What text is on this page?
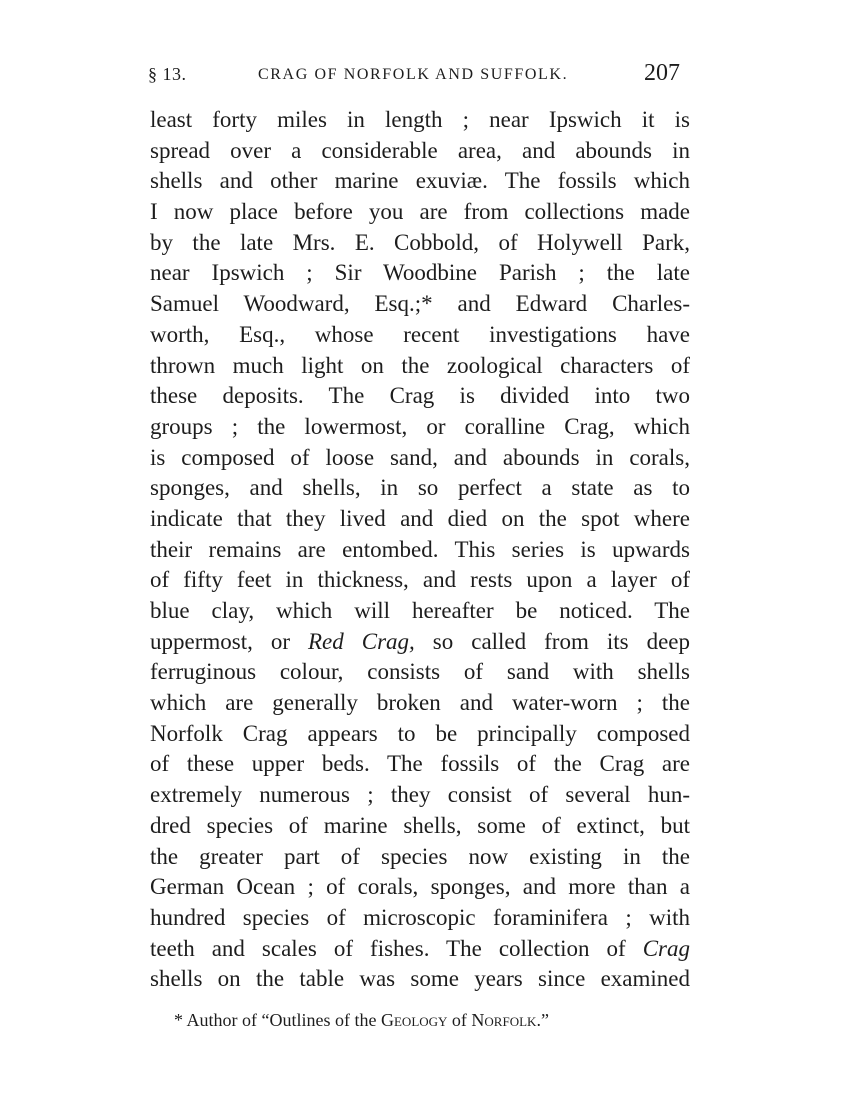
§ 13.	CRAG OF NORFOLK AND SUFFOLK.	207
least forty miles in length ; near Ipswich it is
spread over a considerable area, and abounds in
shells and other marine exuviæ. The fossils which
I now place before you are from collections made
by the late Mrs. E. Cobbold, of Holywell Park,
near Ipswich ; Sir Woodbine Parish ; the late
Samuel Woodward, Esq.;* and Edward Charles-
worth, Esq., whose recent investigations have
thrown much light on the zoological characters of
these deposits. The Crag is divided into two
groups ; the lowermost, or coralline Crag, which
is composed of loose sand, and abounds in corals,
sponges, and shells, in so perfect a state as to
indicate that they lived and died on the spot where
their remains are entombed. This series is upwards
of fifty feet in thickness, and rests upon a layer of
blue clay, which will hereafter be noticed. The
uppermost, or Red Crag, so called from its deep
ferruginous colour, consists of sand with shells
which are generally broken and water-worn ; the
Norfolk Crag appears to be principally composed
of these upper beds. The fossils of the Crag are
extremely numerous ; they consist of several hun-
dred species of marine shells, some of extinct, but
the greater part of species now existing in the
German Ocean ; of corals, sponges, and more than a
hundred species of microscopic foraminifera ; with
teeth and scales of fishes. The collection of Crag
shells on the table was some years since examined
* Author of “Outlines of the Geology of Norfolk.”
